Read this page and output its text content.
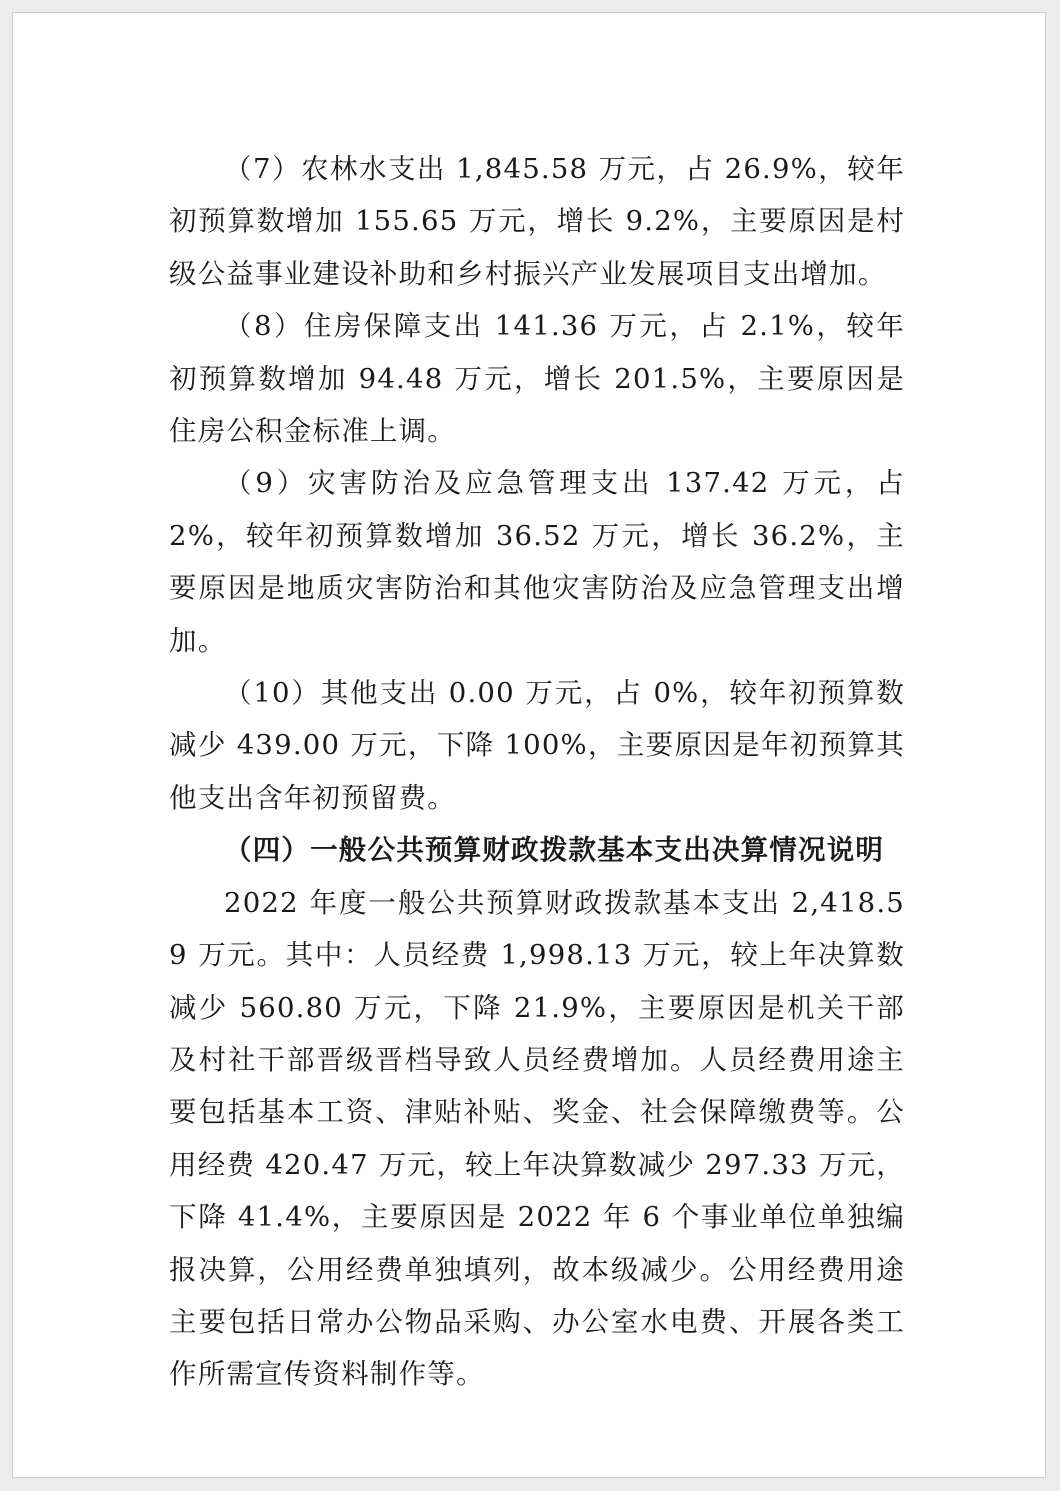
（7）农林水支出 1,845.58 万元，占 26.9%，较年初预算数增加 155.65 万元，增长 9.2%，主要原因是村级公益事业建设补助和乡村振兴产业发展项目支出增加。

（8）住房保障支出 141.36 万元，占 2.1%，较年初预算数增加 94.48 万元，增长 201.5%，主要原因是住房公积金标准上调。

（9）灾害防治及应急管理支出 137.42 万元，占 2%，较年初预算数增加 36.52 万元，增长 36.2%，主要原因是地质灾害防治和其他灾害防治及应急管理支出增加。

（10）其他支出 0.00 万元，占 0%，较年初预算数减少 439.00 万元，下降 100%，主要原因是年初预算其他支出含年初预留费。

（四）一般公共预算财政拨款基本支出决算情况说明

2022 年度一般公共预算财政拨款基本支出 2,418.59 万元。其中：人员经费 1,998.13 万元，较上年决算数减少 560.80 万元，下降 21.9%，主要原因是机关干部及村社干部晋级晋档导致人员经费增加。人员经费用途主要包括基本工资、津贴补贴、奖金、社会保障缴费等。公用经费 420.47 万元，较上年决算数减少 297.33 万元，下降 41.4%，主要原因是 2022 年 6 个事业单位单独编报决算，公用经费单独填列，故本级减少。公用经费用途主要包括日常办公物品采购、办公室水电费、开展各类工作所需宣传资料制作等。
